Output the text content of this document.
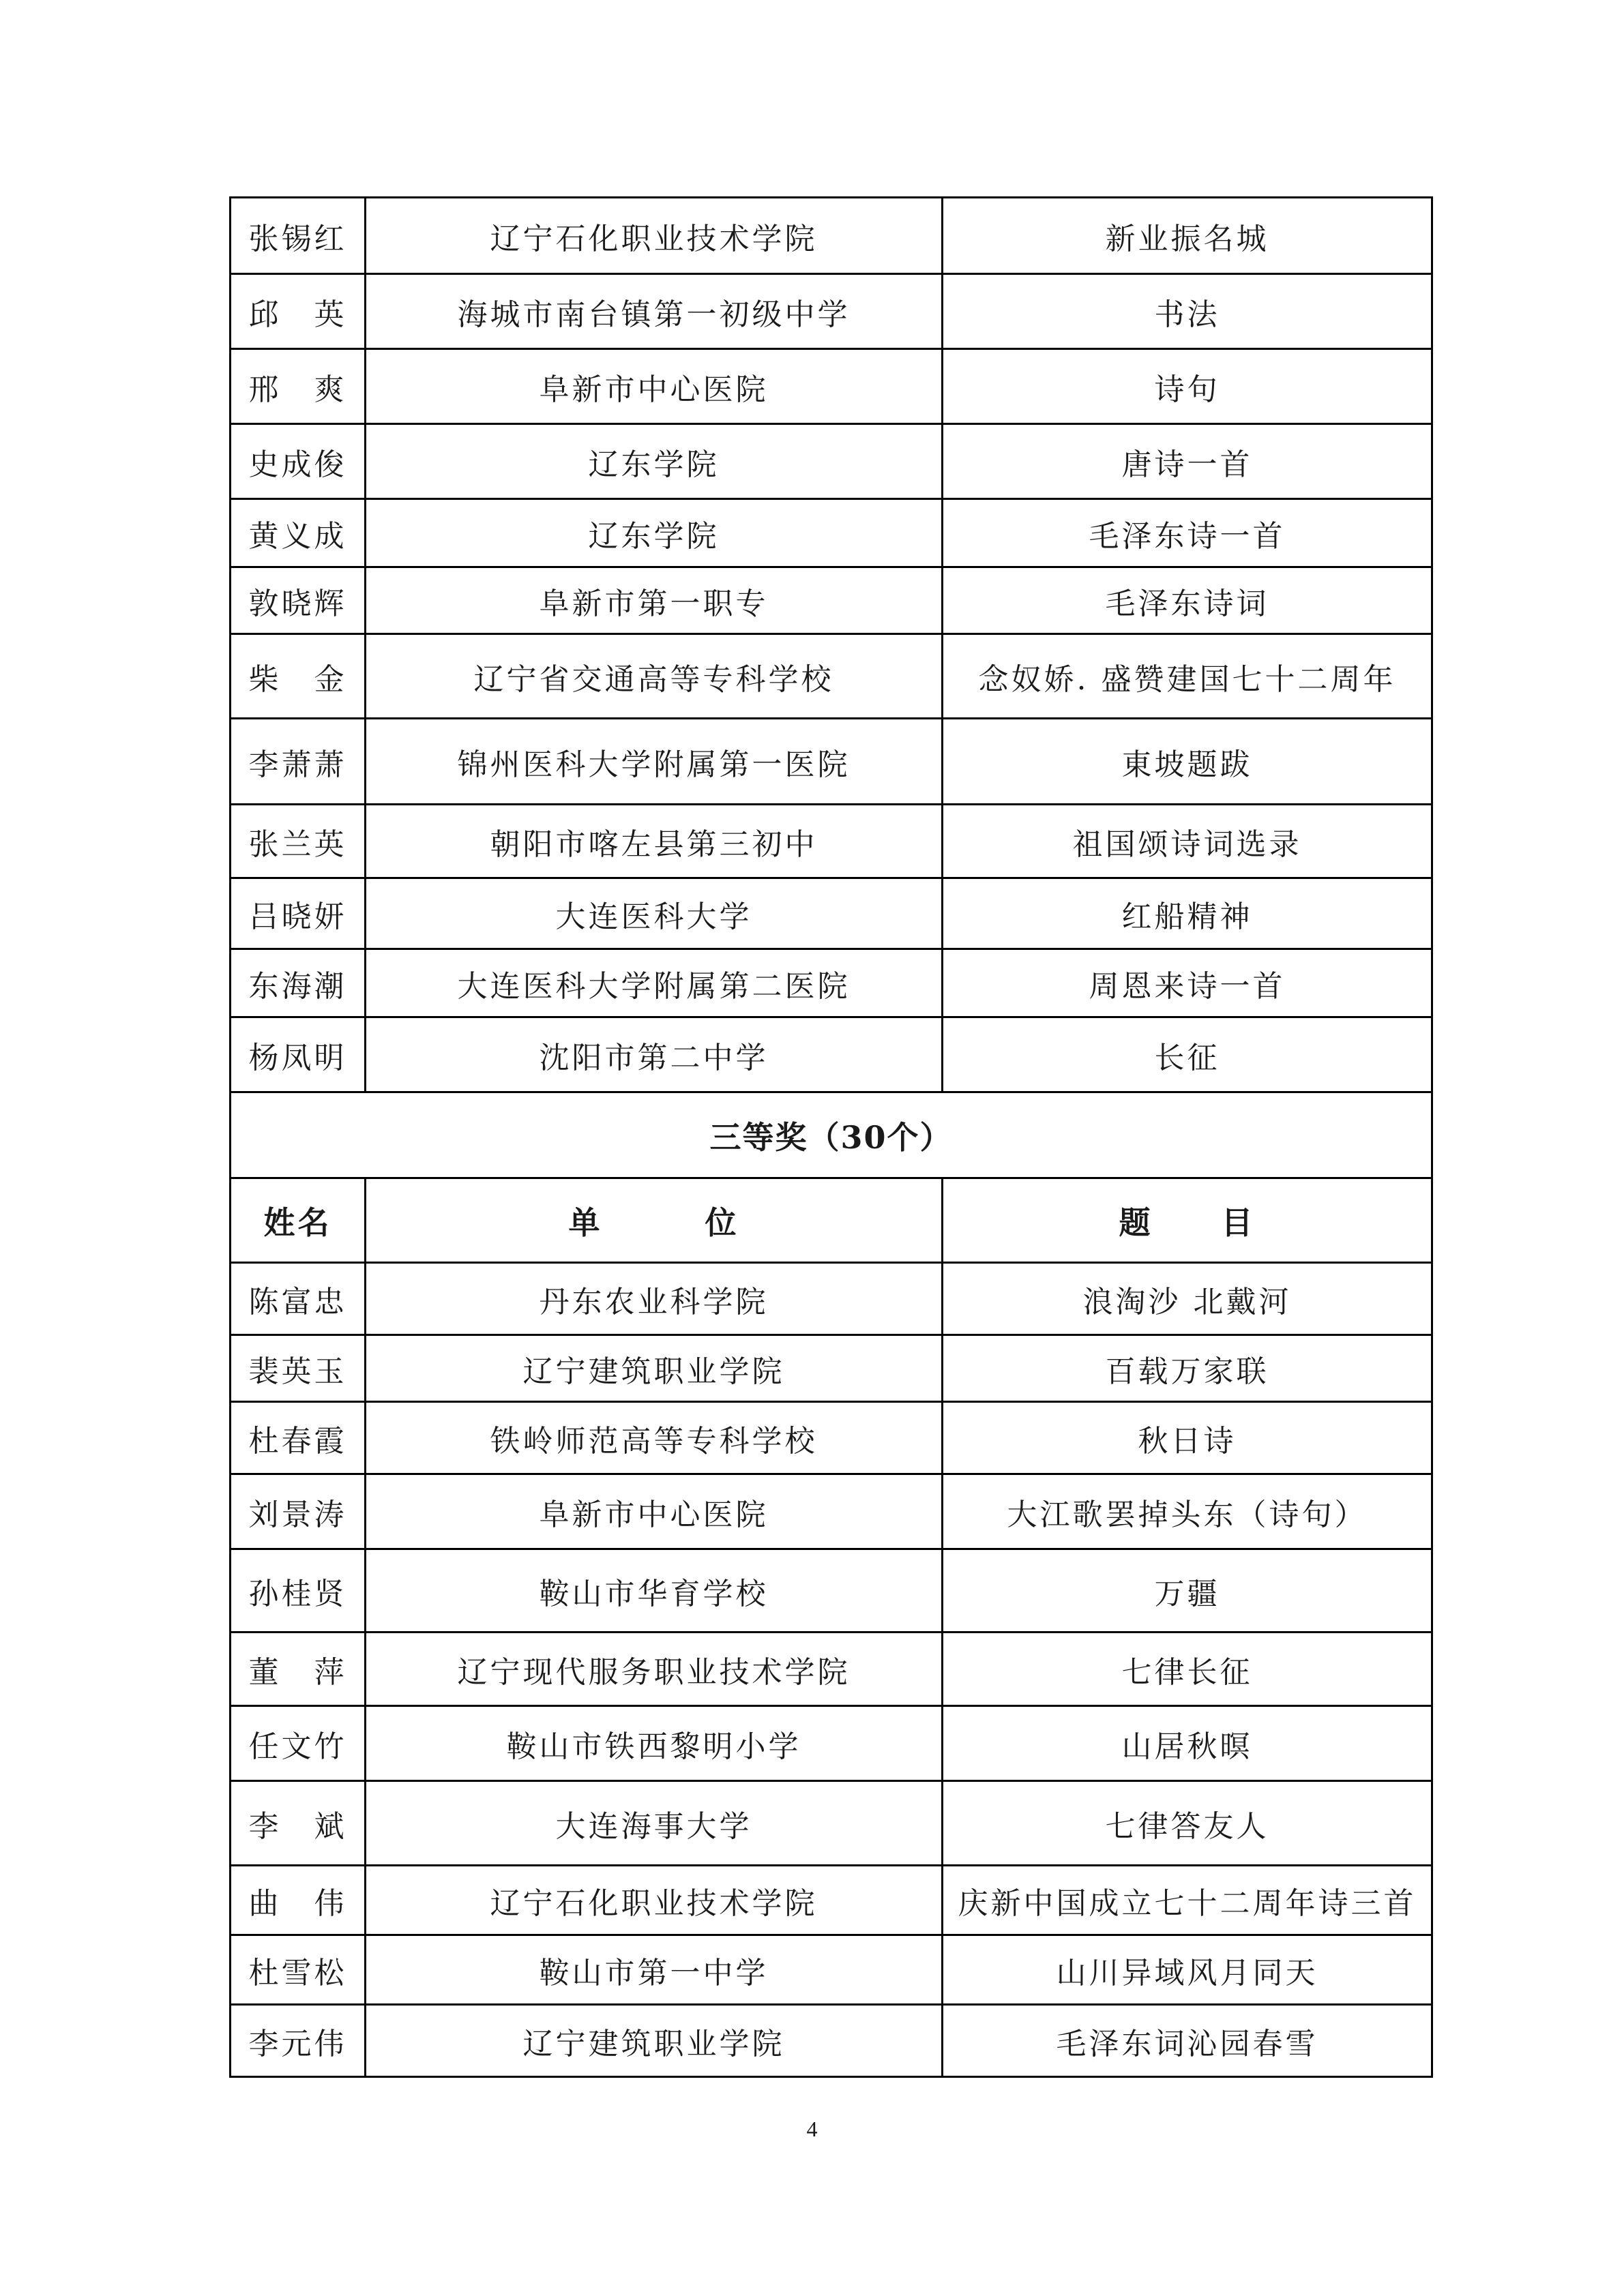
张锡红	辽宁石化职业技术学院	新业振名城
邱　英	海城市南台镇第一初级中学	书法
邢　爽	阜新市中心医院	诗句
史成俊	辽东学院	唐诗一首
黄义成	辽东学院	毛泽东诗一首
敦晓辉	阜新市第一职专	毛泽东诗词
柴　金	辽宁省交通高等专科学校	念奴娇. 盛赞建国七十二周年
李萧萧	锦州医科大学附属第一医院	東坡题跋
张兰英	朝阳市喀左县第三初中	祖国颂诗词选录
吕晓妍	大连医科大学	红船精神
东海潮	大连医科大学附属第二医院	周恩来诗一首
杨凤明	沈阳市第二中学	长征
三等奖（30个）		
姓名	单　　　位	题　　目
陈富忠	丹东农业科学院	浪淘沙 北戴河
裴英玉	辽宁建筑职业学院	百载万家联
杜春霞	铁岭师范高等专科学校	秋日诗
刘景涛	阜新市中心医院	大江歌罢掉头东（诗句）
孙桂贤	鞍山市华育学校	万疆
董　萍	辽宁现代服务职业技术学院	七律长征
任文竹	鞍山市铁西黎明小学	山居秋暝
李　斌	大连海事大学	七律答友人
曲　伟	辽宁石化职业技术学院	庆新中国成立七十二周年诗三首
杜雪松	鞍山市第一中学	山川异域风月同天
李元伟	辽宁建筑职业学院	毛泽东词沁园春雪
4
